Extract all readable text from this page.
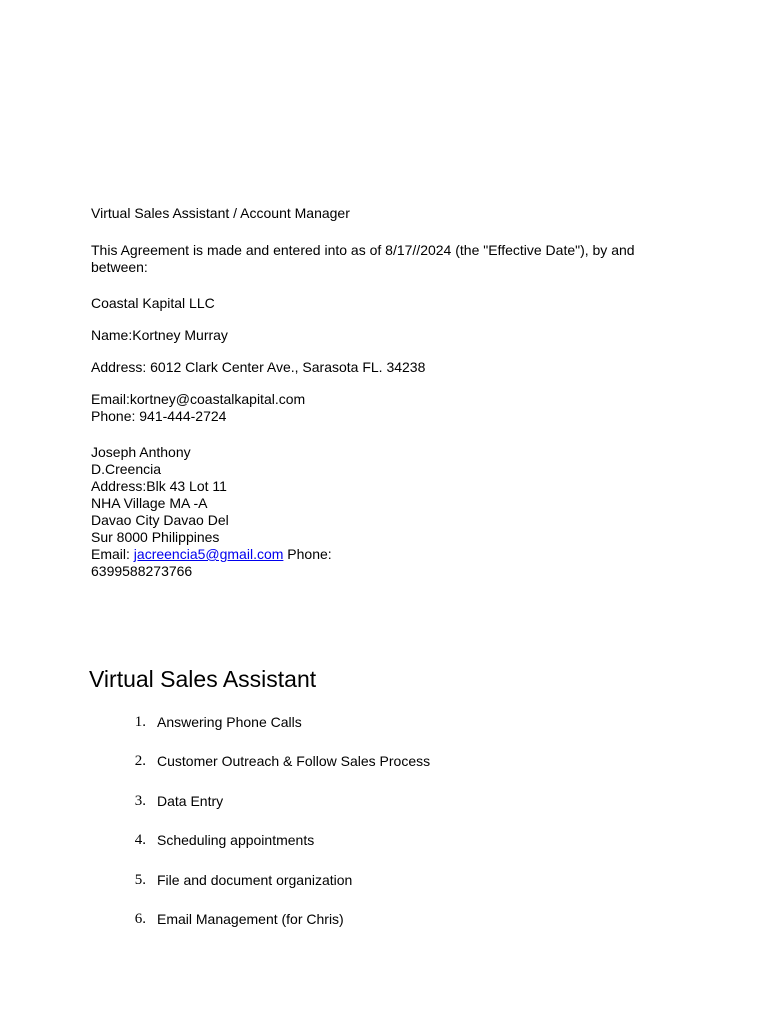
Virtual Sales Assistant / Account Manager
This Agreement is made and entered into as of 8/17//2024 (the "Effective Date"), by and between:
Coastal Kapital LLC
Name:Kortney Murray
Address: 6012 Clark Center Ave., Sarasota FL. 34238
Email:kortney@coastalkapital.com
Phone: 941-444-2724
Joseph Anthony
D.Creencia
Address:Blk 43 Lot 11
NHA Village MA -A
Davao City Davao Del
Sur 8000 Philippines
Email: jacreencia5@gmail.com Phone:
6399588273766
Virtual Sales Assistant
1. Answering Phone Calls
2. Customer Outreach & Follow Sales Process
3. Data Entry
4. Scheduling appointments
5. File and document organization
6. Email Management (for Chris)
